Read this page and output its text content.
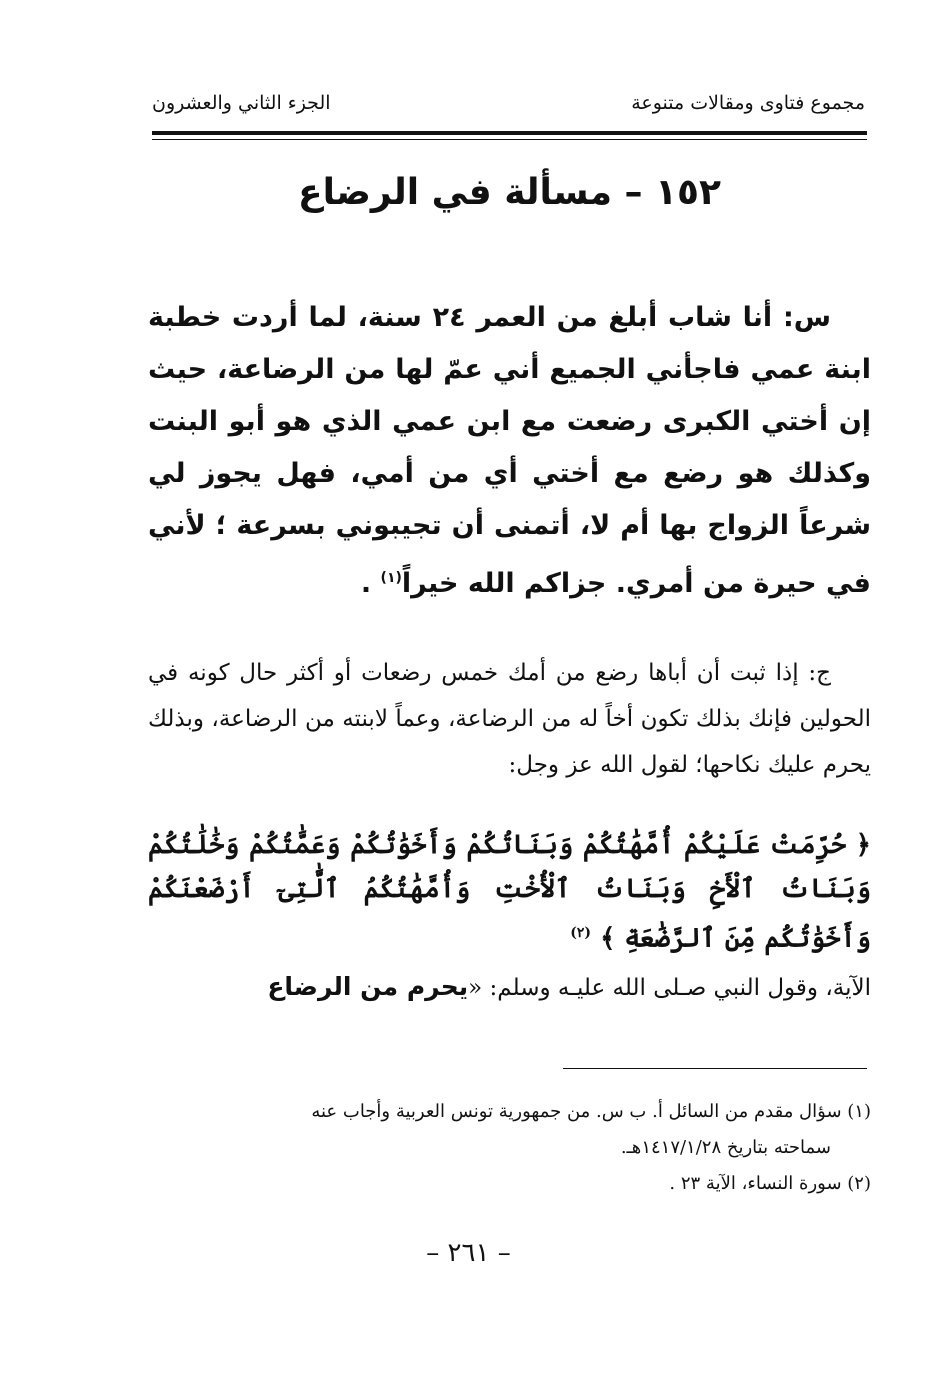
مجموع فتاوى ومقالات متنوعة
الجزء الثاني والعشرون
١٥٢ – مسألة في الرضاع
س: أنا شاب أبلغ من العمر ٢٤ سنة، لما أردت خطبة ابنة عمي فاجأني الجميع أني عمّ لها من الرضاعة، حيث إن أختي الكبرى رضعت مع ابن عمي الذي هو أبو البنت وكذلك هو رضع مع أختي أي من أمي، فهل يجوز لي شرعاً الزواج بها أم لا، أتمنى أن تجيبوني بسرعة ؛ لأني في حيرة من أمري. جزاكم الله خيراً$^{(١)}$ .
ج: إذا ثبت أن أباها رضع من أمك خمس رضعات أو أكثر حال كونه في الحولين فإنك بذلك تكون أخاً له من الرضاعة، وعماً لابنته من الرضاعة، وبذلك يحرم عليك نكاحها؛ لقول الله عز وجل:
﴿ حُرِّمَتْ عَلَيْكُمْ أُمَّهَٰتُكُمْ وَبَنَاتُكُمْ وَأَخَوَٰتُكُمْ وَعَمَّٰتُكُمْ وَخَٰلَٰتُكُمْ وَبَنَاتُ ٱلْأَخِ وَبَنَاتُ ٱلْأُخْتِ وَأُمَّهَٰتُكُمُ ٱلَّٰتِىٓ أَرْضَعْنَكُمْ وَأَخَوَٰتُكُم مِّنَ ٱلرَّضَٰعَةِ ﴾ $^{(٢)}$
الآية، وقول النبي صـلى الله عليـه وسلم: «يحرم من الرضاع

(١) سؤال مقدم من السائل أ. ب س. من جمهورية تونس العربية وأجاب عنه

سماحته بتاريخ ١٤١٧/١/٢٨هـ.

(٢) سورة النساء، الآية ٢٣ .

– ٢٦١ –
